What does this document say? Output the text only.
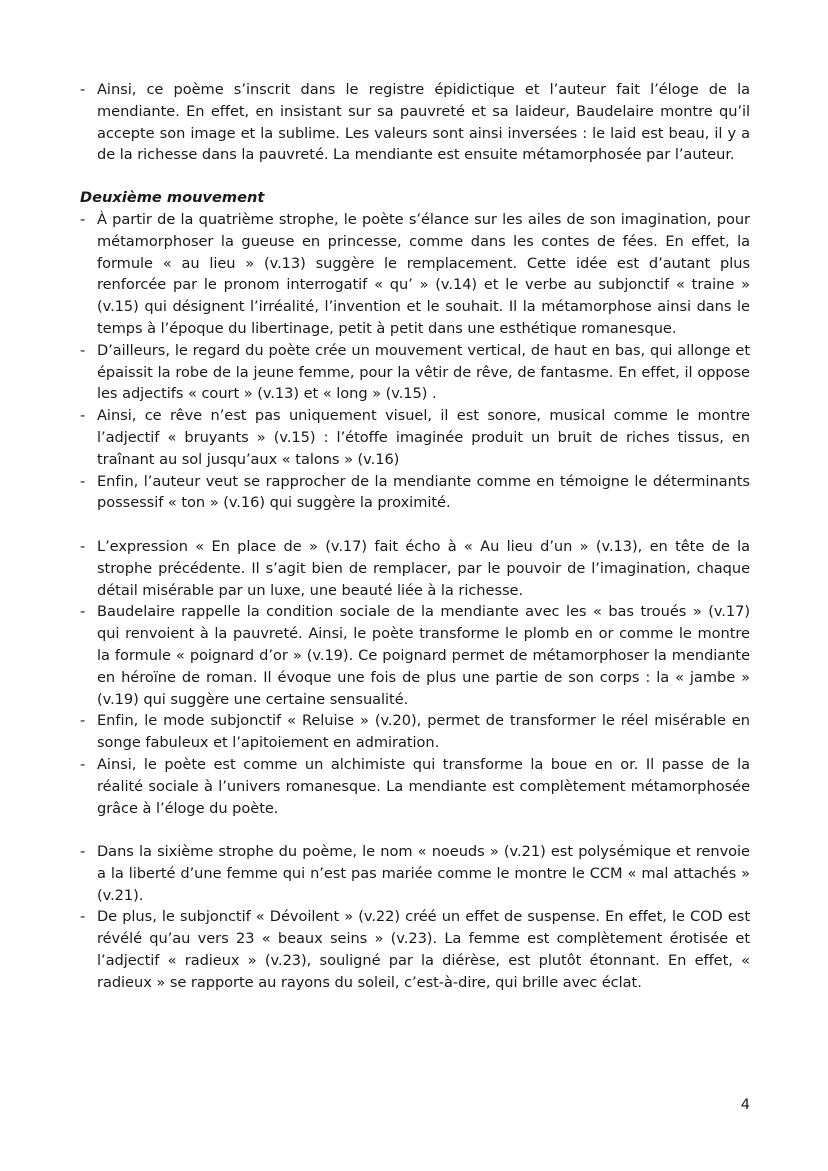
- Ainsi, ce poème s’inscrit dans le registre épidictique et l’auteur fait l’éloge de la mendiante. En effet, en insistant sur sa pauvreté et sa laideur, Baudelaire montre qu’il accepte son image et la sublime. Les valeurs sont ainsi inversées : le laid est beau, il y a de la richesse dans la pauvreté. La mendiante est ensuite métamorphosée par l’auteur.
Deuxième mouvement
- À partir de la quatrième strophe, le poète s’élance sur les ailes de son imagination, pour métamorphoser la gueuse en princesse, comme dans les contes de fées. En effet, la formule « au lieu » (v.13) suggère le remplacement. Cette idée est d’autant plus renforcée par le pronom interrogatif « qu’ » (v.14) et le verbe au subjonctif « traine » (v.15) qui désignent l’irréalité, l’invention et le souhait. Il la métamorphose ainsi dans le temps à l’époque du libertinage, petit à petit dans une esthétique romanesque.
- D’ailleurs, le regard du poète crée un mouvement vertical, de haut en bas, qui allonge et épaissit la robe de la jeune femme, pour la vêtir de rêve, de fantasme. En effet, il oppose les adjectifs « court » (v.13) et « long » (v.15) .
- Ainsi, ce rêve n’est pas uniquement visuel, il est sonore, musical comme le montre l’adjectif « bruyants » (v.15) : l’étoffe imaginée produit un bruit de riches tissus, en traînant au sol jusqu’aux « talons » (v.16)
- Enfin, l’auteur veut se rapprocher de la mendiante comme en témoigne le déterminants possessif « ton » (v.16) qui suggère la proximité.
- L’expression « En place de » (v.17) fait écho à « Au lieu d’un » (v.13), en tête de la strophe précédente. Il s’agit bien de remplacer, par le pouvoir de l’imagination, chaque détail misérable par un luxe, une beauté liée à la richesse.
- Baudelaire rappelle la condition sociale de la mendiante avec les « bas troués » (v.17) qui renvoient à la pauvreté. Ainsi, le poète transforme le plomb en or comme le montre la formule « poignard d’or » (v.19). Ce poignard permet de métamorphoser la mendiante en héroïne de roman. Il évoque une fois de plus une partie de son corps : la « jambe » (v.19) qui suggère une certaine sensualité.
- Enfin, le mode subjonctif « Reluise » (v.20), permet de transformer le réel misérable en songe fabuleux et l’apitoiement en admiration.
- Ainsi, le poète est comme un alchimiste qui transforme la boue en or. Il passe de la réalité sociale à l’univers romanesque. La mendiante est complètement métamorphosée grâce à l’éloge du poète.
- Dans la sixième strophe du poème, le nom « noeuds » (v.21) est polysémique et renvoie a la liberté d’une femme qui n’est pas mariée comme le montre le CCM « mal attachés » (v.21).
- De plus, le subjonctif « Dévoilent » (v.22) créé un effet de suspense. En effet, le COD est révélé qu’au vers 23 « beaux seins » (v.23). La femme est complètement érotisée et l’adjectif « radieux » (v.23), souligné par la diérèse, est plutôt étonnant. En effet, « radieux » se rapporte au rayons du soleil, c’est-à-dire, qui brille avec éclat.
4
